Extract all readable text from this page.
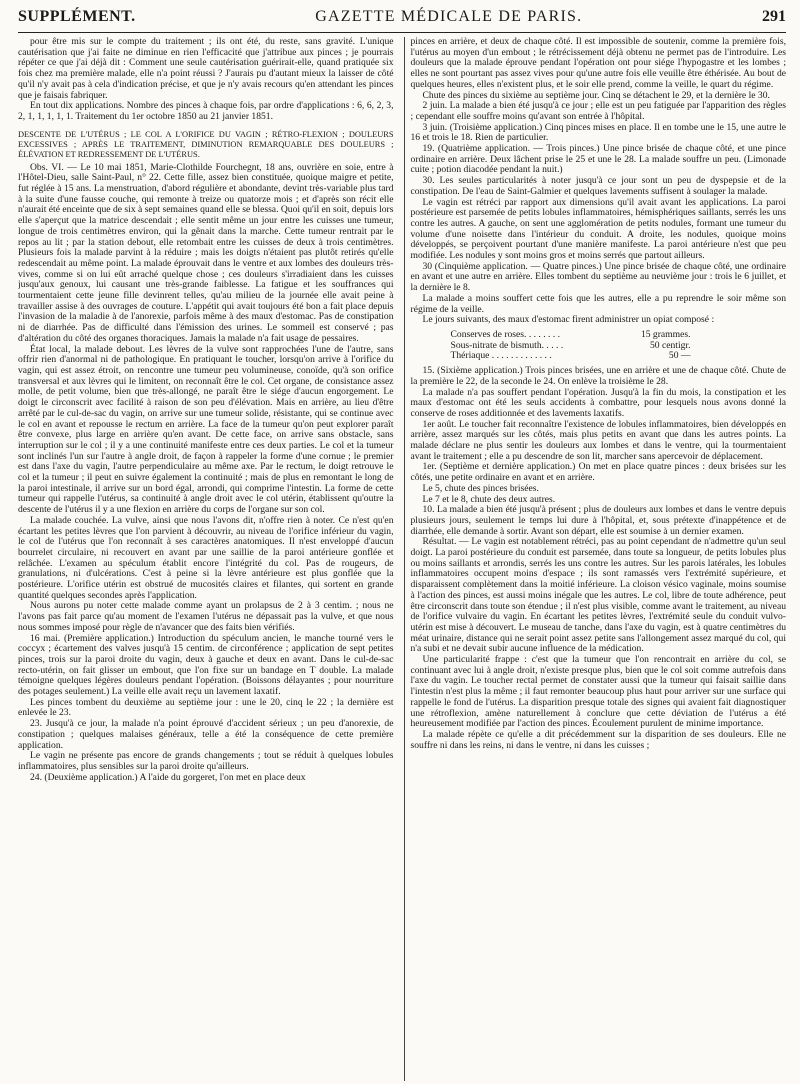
SUPPLÉMENT.	GAZETTE MÉDICALE DE PARIS.	291

pour être mis sur le compte du traitement ; ils ont été, du reste, sans gravité. L'unique cautérisation que j'ai faite ne diminue en rien l'efficacité que j'attribue aux pinces ; je pourrais répéter ce que j'ai déjà dit : Comment une seule cautérisation guérirait-elle, quand pratiquée six fois chez ma première malade, elle n'a point réussi ? J'aurais pu d'autant mieux la laisser de côté qu'il n'y avait pas à cela d'indication précise, et que je n'y avais recours qu'en attendant les pinces que je faisais fabriquer.

En tout dix applications. Nombre des pinces à chaque fois, par ordre d'applications : 6, 6, 2, 3, 2, 1, 1, 1, 1, 1. Traitement du 1er octobre 1850 au 21 janvier 1851.

DESCENTE DE L'UTÉRUS ; LE COL A L'ORIFICE DU VAGIN ; RÉTRO-FLEXION ; DOULEURS EXCESSIVES ; APRÈS LE TRAITEMENT, DIMINUTION REMARQUABLE DES DOULEURS ; ÉLÉVATION ET REDRESSEMENT DE L'UTÉRUS.

Obs. VI. — Le 10 mai 1851, Marie-Clothilde Fourchegnt, 18 ans, ouvrière en soie, entre à l'Hôtel-Dieu, salle Saint-Paul, n° 22. Cette fille, assez bien constituée, quoique maigre et petite, fut réglée à 15 ans. La menstruation, d'abord régulière et abondante, devint très-variable plus tard à la suite d'une fausse couche, qui remonte à treize ou quatorze mois ; et d'après son récit elle n'aurait été enceinte que de six à sept semaines quand elle se blessa. Quoi qu'il en soit, depuis lors elle s'aperçut que la matrice descendait ; elle sentit même un jour entre les cuisses une tumeur, longue de trois centimètres environ, qui la gênait dans la marche. Cette tumeur rentrait par le repos au lit ; par la station debout, elle retombait entre les cuisses de deux à trois centimètres. Plusieurs fois la malade parvint à la réduire ; mais les doigts n'étaient pas plutôt retirés qu'elle redescendait au même point. La malade éprouvait dans le ventre et aux lombes des douleurs très-vives, comme si on lui eût arraché quelque chose ; ces douleurs s'irradiaient dans les cuisses jusqu'aux genoux, lui causant une très-grande faiblesse. La fatigue et les souffrances qui tourmentaient cette jeune fille devinrent telles, qu'au milieu de la journée elle avait peine à travailler assise à des ouvrages de couture. L'appétit qui avait toujours été bon a fait place depuis l'invasion de la maladie à de l'anorexie, parfois même à des maux d'estomac. Pas de constipation ni de diarrhée. Pas de difficulté dans l'émission des urines. Le sommeil est conservé ; pas d'altération du côté des organes thoraciques. Jamais la malade n'a fait usage de pessaires.

État local, la malade debout. Les lèvres de la vulve sont rapprochées l'une de l'autre, sans offrir rien d'anormal ni de pathologique. En pratiquant le toucher, lorsqu'on arrive à l'orifice du vagin, qui est assez étroit, on rencontre une tumeur peu volumineuse, conoïde, qu'à son orifice transversal et aux lèvres qui le limitent, on reconnaît être le col. Cet organe, de consistance assez molle, de petit volume, bien que très-allongé, ne paraît être le siége d'aucun engorgement. Le doigt le circonscrit avec facilité à raison de son peu d'élévation. Mais en arrière, au lieu d'être arrêté par le cul-de-sac du vagin, on arrive sur une tumeur solide, résistante, qui se continue avec le col en avant et repousse le rectum en arrière. La face de la tumeur qu'on peut explorer paraît être convexe, plus large en arrière qu'en avant. De cette face, on arrive sans obstacle, sans interruption sur le col ; il y a une continuité manifeste entre ces deux parties. Le col et la tumeur sont inclinés l'un sur l'autre à angle droit, de façon à rappeler la forme d'une cornue ; le premier est dans l'axe du vagin, l'autre perpendiculaire au même axe. Par le rectum, le doigt retrouve le col et la tumeur ; il peut en suivre également la continuité ; mais de plus en remontant le long de la paroi intestinale, il arrive sur un bord égal, arrondi, qui comprime l'intestin. La forme de cette tumeur qui rappelle l'utérus, sa continuité à angle droit avec le col utérin, établissent qu'outre la descente de l'utérus il y a une flexion en arrière du corps de l'organe sur son col.

La malade couchée. La vulve, ainsi que nous l'avons dit, n'offre rien à noter. Ce n'est qu'en écartant les petites lèvres que l'on parvient à découvrir, au niveau de l'orifice inférieur du vagin, le col de l'utérus que l'on reconnaît à ses caractères anatomiques. Il n'est enveloppé d'aucun bourrelet circulaire, ni recouvert en avant par une saillie de la paroi antérieure gonflée et relâchée. L'examen au spéculum établit encore l'intégrité du col. Pas de rougeurs, de granulations, ni d'ulcérations. C'est à peine si la lèvre antérieure est plus gonflée que la postérieure. L'orifice utérin est obstrué de mucosités claires et filantes, qui sortent en grande quantité quelques secondes après l'application.

Nous aurons pu noter cette malade comme ayant un prolapsus de 2 à 3 centim. ; nous ne l'avons pas fait parce qu'au moment de l'examen l'utérus ne dépassait pas la vulve, et que nous nous sommes imposé pour règle de n'avancer que des faits bien vérifiés.

16 mai. (Première application.) Introduction du spéculum ancien, le manche tourné vers le coccyx ; écartement des valves jusqu'à 15 centim. de circonférence ; application de sept petites pinces, trois sur la paroi droite du vagin, deux à gauche et deux en avant. Dans le cul-de-sac recto-utérin, on fait glisser un embout, que l'on fixe sur un bandage en T double. La malade témoigne quelques légères douleurs pendant l'opération. (Boissons délayantes ; pour nourriture des potages seulement.) La veille elle avait reçu un lavement laxatif.

Les pinces tombent du deuxième au septième jour : une le 20, cinq le 22 ; la dernière est enlevée le 23.

23. Jusqu'à ce jour, la malade n'a point éprouvé d'accident sérieux ; un peu d'anorexie, de constipation ; quelques malaises généraux, telle a été la conséquence de cette première application.

Le vagin ne présente pas encore de grands changements ; tout se réduit à quelques lobules inflammatoires, plus sensibles sur la paroi droite qu'ailleurs.

24. (Deuxième application.) A l'aide du gorgeret, l'on met en place deux

pinces en arrière, et deux de chaque côté. Il est impossible de soutenir, comme la première fois, l'utérus au moyen d'un embout ; le rétrécissement déjà obtenu ne permet pas de l'introduire. Les douleurs que la malade éprouve pendant l'opération ont pour siége l'hypogastre et les lombes ; elles ne sont pourtant pas assez vives pour qu'une autre fois elle veuille être éthérisée. Au bout de quelques heures, elles n'existent plus, et le soir elle prend, comme la veille, le quart du régime.

Chute des pinces du sixième au septième jour. Cinq se détachent le 29, et la dernière le 30.

2 juin. La malade a bien été jusqu'à ce jour ; elle est un peu fatiguée par l'apparition des règles ; cependant elle souffre moins qu'avant son entrée à l'hôpital.

3 juin. (Troisième application.) Cinq pinces mises en place. Il en tombe une le 15, une autre le 16 et trois le 18. Rien de particulier.

19. (Quatrième application. — Trois pinces.) Une pince brisée de chaque côté, et une pince ordinaire en arrière. Deux lâchent prise le 25 et une le 28. La malade souffre un peu. (Limonade cuite ; potion diacodée pendant la nuit.)

30. Les seules particularités à noter jusqu'à ce jour sont un peu de dyspepsie et de la constipation. De l'eau de Saint-Galmier et quelques lavements suffisent à soulager la malade.

Le vagin est rétréci par rapport aux dimensions qu'il avait avant les applications. La paroi postérieure est parsemée de petits lobules inflammatoires, hémisphériques saillants, serrés les uns contre les autres. A gauche, on sent une agglomération de petits nodules, formant une tumeur du volume d'une noisette dans l'intérieur du conduit. A droite, les nodules, quoique moins développés, se perçoivent pourtant d'une manière manifeste. La paroi antérieure n'est que peu modifiée. Les nodules y sont moins gros et moins serrés que partout ailleurs.

30 (Cinquième application. — Quatre pinces.) Une pince brisée de chaque côté, une ordinaire en avant et une autre en arrière. Elles tombent du septième au neuvième jour : trois le 6 juillet, et la dernière le 8.

La malade a moins souffert cette fois que les autres, elle a pu reprendre le soir même son régime de la veille.

Le jours suivants, des maux d'estomac firent administrer un opiat composé :

Conserves de roses. . . . . . . .	15 grammes.
Sous-nitrate de bismuth. . . . .	50 centigr.
Thériaque . . . . . . . . . . . . .	50 —

15. (Sixième application.) Trois pinces brisées, une en arrière et une de chaque côté. Chute de la première le 22, de la seconde le 24. On enlève la troisième le 28.

La malade n'a pas souffert pendant l'opération. Jusqu'à la fin du mois, la constipation et les maux d'estomac ont été les seuls accidents à combattre, pour lesquels nous avons donné la conserve de roses additionnée et des lavements laxatifs.

1er août. Le toucher fait reconnaître l'existence de lobules inflammatoires, bien développés en arrière, assez marqués sur les côtés, mais plus petits en avant que dans les autres points. La malade déclare ne plus sentir les douleurs aux lombes et dans le ventre, qui la tourmentaient avant le traitement ; elle a pu descendre de son lit, marcher sans apercevoir de déplacement.

1er. (Septième et dernière application.) On met en place quatre pinces : deux brisées sur les côtés, une petite ordinaire en avant et en arrière.

Le 5, chute des pinces brisées.

Le 7 et le 8, chute des deux autres.

10. La malade a bien été jusqu'à présent ; plus de douleurs aux lombes et dans le ventre depuis plusieurs jours, seulement le temps lui dure à l'hôpital, et, sous prétexte d'inappétence et de diarrhée, elle demande à sortir. Avant son départ, elle est soumise à un dernier examen.

Résultat. — Le vagin est notablement rétréci, pas au point cependant de n'admettre qu'un seul doigt. La paroi postérieure du conduit est parsemée, dans toute sa longueur, de petits lobules plus ou moins saillants et arrondis, serrés les uns contre les autres. Sur les parois latérales, les lobules inflammatoires occupent moins d'espace ; ils sont ramassés vers l'extrémité supérieure, et disparaissent complètement dans la moitié inférieure. La cloison vésico vaginale, moins soumise à l'action des pinces, est aussi moins inégale que les autres. Le col, libre de toute adhérence, peut être circonscrit dans toute son étendue ; il n'est plus visible, comme avant le traitement, au niveau de l'orifice vulvaire du vagin. En écartant les petites lèvres, l'extrémité seule du conduit vulvo-utérin est mise à découvert. Le museau de tanche, dans l'axe du vagin, est à quatre centimètres du méat urinaire, distance qui ne serait point assez petite sans l'allongement assez marqué du col, qui n'a subi et ne devait subir aucune influence de la médication.

Une particularité frappe : c'est que la tumeur que l'on rencontrait en arrière du col, se continuant avec lui à angle droit, n'existe presque plus, bien que le col soit comme autrefois dans l'axe du vagin. Le toucher rectal permet de constater aussi que la tumeur qui faisait saillie dans l'intestin n'est plus la même ; il faut remonter beaucoup plus haut pour arriver sur une surface qui rappelle le fond de l'utérus. La disparition presque totale des signes qui avaient fait diagnostiquer une rétroflexion, amène naturellement à conclure que cette déviation de l'utérus a été heureusement modifiée par l'action des pinces. Écoulement purulent de minime importance.

La malade répète ce qu'elle a dit précédemment sur la disparition de ses douleurs. Elle ne souffre ni dans les reins, ni dans le ventre, ni dans les cuisses ;
